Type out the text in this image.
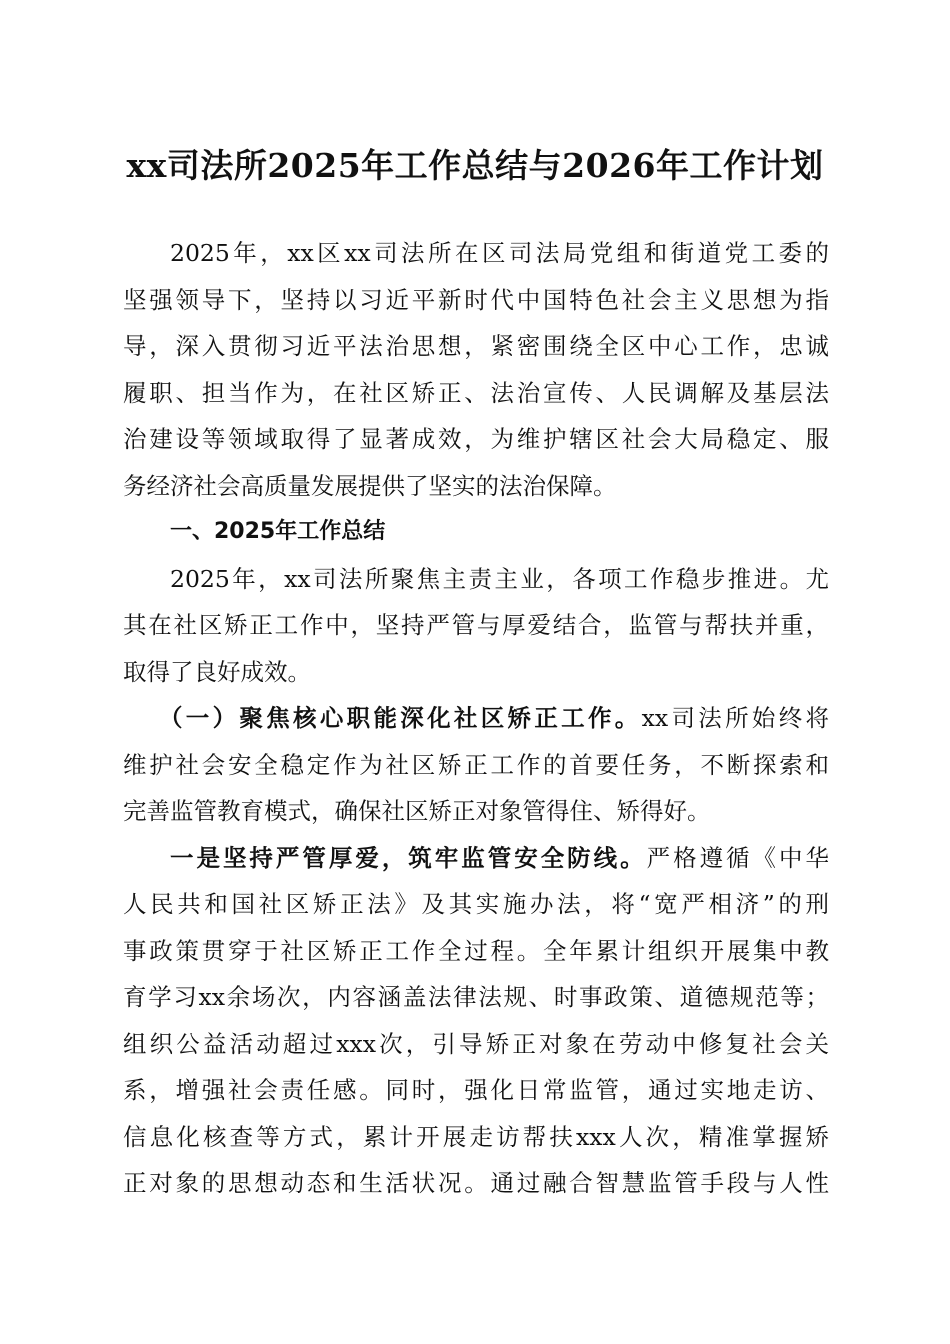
xx司法所2025年工作总结与2026年工作计划
2025年，xx区xx司法所在区司法局党组和街道党工委的
坚强领导下，坚持以习近平新时代中国特色社会主义思想为指
导，深入贯彻习近平法治思想，紧密围绕全区中心工作，忠诚
履职、担当作为，在社区矫正、法治宣传、人民调解及基层法
治建设等领域取得了显著成效，为维护辖区社会大局稳定、服
务经济社会高质量发展提供了坚实的法治保障。
一、2025年工作总结
2025年，xx司法所聚焦主责主业，各项工作稳步推进。尤
其在社区矫正工作中，坚持严管与厚爱结合，监管与帮扶并重，
取得了良好成效。
（一）聚焦核心职能深化社区矫正工作。xx司法所始终将
维护社会安全稳定作为社区矫正工作的首要任务，不断探索和
完善监管教育模式，确保社区矫正对象管得住、矫得好。
一是坚持严管厚爱，筑牢监管安全防线。严格遵循《中华
人民共和国社区矫正法》及其实施办法，将“宽严相济”的刑
事政策贯穿于社区矫正工作全过程。全年累计组织开展集中教
育学习xx余场次，内容涵盖法律法规、时事政策、道德规范等；
组织公益活动超过xxx次，引导矫正对象在劳动中修复社会关
系，增强社会责任感。同时，强化日常监管，通过实地走访、
信息化核查等方式，累计开展走访帮扶xxx人次，精准掌握矫
正对象的思想动态和生活状况。通过融合智慧监管手段与人性
